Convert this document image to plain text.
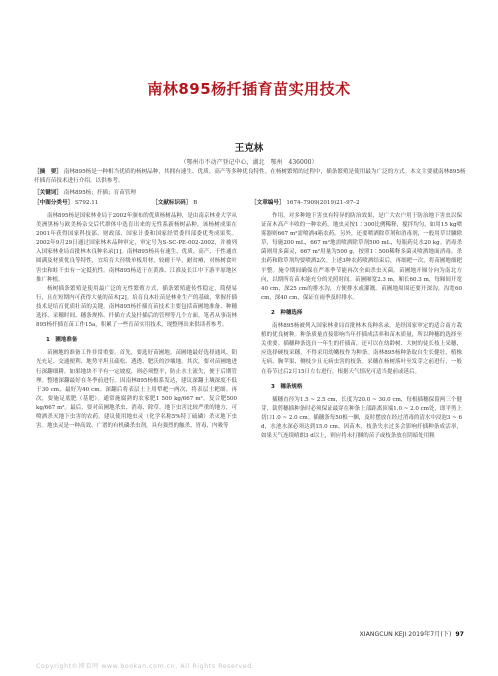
南林895杨扦插育苗实用技术
王克林
（鄂州市不动产登记中心，湖北　鄂州　436000）
［摘　要］ 南林895杨是一种相当优质的杨树品种，其拥有速生、优质、高产等多种优良特性。在杨树繁殖的过程中，插条繁殖是使用最为广泛的方式。本文主要就南林895杨扦插育苗技术进行介绍，以供参考。
［关键词］ 南林895杨；扦插；育苗管理
［中图分类号］ S792.11	［文献标识码］ B	［文章编号］ 1674–7909(2019)21–97–2

南林895杨是国家林业局于2002年颁布的优质杨树品种，是由南京林业大学从美洲黑杨与欧美杨杂交后代群体中选育出来的无性系新杨树品种。该杨树成果在2001年获得国家科技部、财政部、国家计委和国家经贸委四部委优秀成果奖。2002年9月29日通过国家林木品种审定，审定号为S-SC-PE-002-2002，并被列入国家林业局首批林木良种名录[1]。南林895杨具有速生、优质、高产、干性通直圆满及材质优良等特性，宜培育大径级单板用材，较耐干旱，耐贫瘠，对杨树食叶害虫和蛀干虫有一定抵抗性。南林895杨适于在黄淮、江淮及长江中下游平原地区推广种植。

杨树插条繁殖是使用最广泛的无性繁殖方式，插条繁殖遗传性稳定，简便易行，且在短期内可获得大量的苗木[2]。培育良木壮苗是林业生产的基础，掌握扦插技术是培育优质壮苗的关键。南林895杨扦插育苗技术主要包括苗圃地准备、种穗选择、采穗时间、穗条规格、扦插方式及扦插后的管理等几个方面。笔者从事南林895杨扦插育苗工作15a，积累了一些育苗实用技术，现整理出来供读者参考。

1　圃地准备

苗圃地的准备工作非常重要。首先，要选好苗圃地。苗圃地最好选择通风、阳光充足、交通便利、地势平坦且疏松、透透、肥沃的沙壤地。其次，要对苗圃地进行深翻细耕。如果地块不平有一定坡度，则必须整平，防止水土流失，便于后期管理。整地深翻最好在冬季前进行。因南林895杨根系发达，建议深翻土壤深度不低于30 cm，最好为40 cm。深翻后将表层土上用犁耙一两次，将表层土耙细。再次，要施足底肥（基肥）。通常施腐熟的农家肥1 500 kg/667 m²，复合肥500 kg/667 m²。最后，要对苗圃地杀虫、消毒、除草。地下虫害比较严重的地方，可喷洒杀灭地下虫害的农药。建议使用地虫灵（化学名称5%特丁硫磷）杀灭地下虫害。地虫灵是一种高效、广谱的有机磷杀虫剂，具有强烈的触杀、胃毒、内吸等

作用，对多种地下害虫有特异的防治效果，是广大农户用于防治地下害虫以保证苗木高产丰收的一种农药。地虫灵按1∶300比例稀释，搅拌均匀，如用15 kg喷雾器则667 m²需喷洒4箱农药。另外，还要喷洒除草剂和消毒剂，一般用草甘膦除草，每施200 mL，667 m²地需喷洒除草剂500 mL，每瓶药兑水20 kg。消毒杀菌则用多菌灵，667 m²用量为500 g，按照1∶500稀释多菌灵喷洒地面消毒。杀虫药和除草剂均要喷洒2次。上述3种农药喷洒结束后，再细耙一次，将苗圃地细耙平整。施令期间确保在严寒季节能再次全面杀虫灭菌。苗圃地开厢分向为南北方向，以期所育苗木能充分的光照时间。苗圃厢宽2.3 m，厢长60.3 m，每厢间开宽40 cm，深25 cm的排水沟，方便排水或灌溉。苗圃地周围还要开深沟，沟宽60 cm，深40 cm，保证在雨季及时排水。

2　种穗选择

南林895杨被列入国家林业局首批林木良种名录，是经国家审定的适合南方栽植的优良树种。种条质量直接影响当年扦插成活率和苗木质量，所以种穗的选择至关重要。插穗种条选自一年生的扦插苗，还可以在幼龄树、大树的徒长枝上采穗，应选择硬枝采穗，不得采用幼嫩枝作为种条。南林895杨种条取自生长健壮、植株无病、胸苹果、侧枝少且无病虫害的枝条。采穗在杨树落叶至发芽之前进行，一般在春节过后2月15日左右进行，根据天气情况可适当提前或延后。

3　穗条规格

插穗直径为1.5 ~ 2.5 cm，长度为20.0 ~ 30.0 cm，每根插穗保留两三个健芽，裁剪穗插种条时必须保证最穿在种条上部距离顶端1.0 ~ 2.0 cm处，即平剪上切口1.0 ~ 2.0 cm。插穗条每50根一捆，及时摆放在经过消毒的清水中浸泡3 ~ 6 d，水池水深必须达到15.0 cm。因苗木、枝条失水过多会影响扦插种条成活率，如果天气连续晴朗3 d以上，则应将未打捆的苗子或枝条放在阴暗处用粗

XIANGCUN KEJI 2019年7月(下) 97
Copyright©博看网 www.bookan.com.cn. All Rights Reserved.
